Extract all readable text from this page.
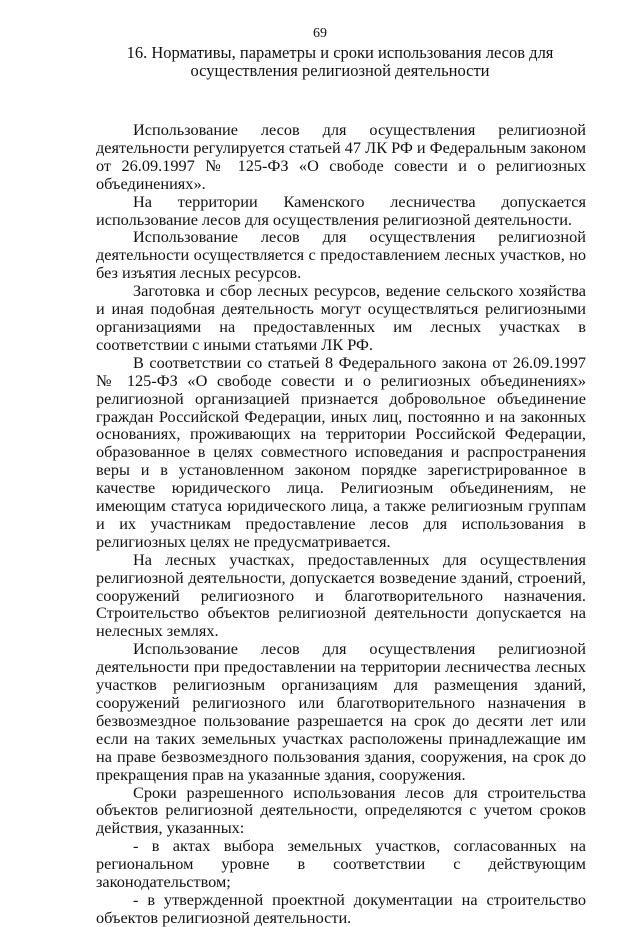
69
16. Нормативы, параметры и сроки использования лесов для
осуществления религиозной деятельности

Использование лесов для осуществления религиозной деятельности регулируется статьей 47 ЛК РФ и Федеральным законом от 26.09.1997 № 125-ФЗ «О свободе совести и о религиозных объединениях».

На территории Каменского лесничества допускается использование лесов для осуществления религиозной деятельности.

Использование лесов для осуществления религиозной деятельности осуществляется с предоставлением лесных участков, но без изъятия лесных ресурсов.

Заготовка и сбор лесных ресурсов, ведение сельского хозяйства и иная подобная деятельность могут осуществляться религиозными организациями на предоставленных им лесных участках в соответствии с иными статьями ЛК РФ.

В соответствии со статьей 8 Федерального закона от 26.09.1997 № 125-ФЗ «О свободе совести и о религиозных объединениях» религиозной организацией признается добровольное объединение граждан Российской Федерации, иных лиц, постоянно и на законных основаниях, проживающих на территории Российской Федерации, образованное в целях совместного исповедания и распространения веры и в установленном законом порядке зарегистрированное в качестве юридического лица. Религиозным объединениям, не имеющим статуса юридического лица, а также религиозным группам и их участникам предоставление лесов для использования в религиозных целях не предусматривается.

На лесных участках, предоставленных для осуществления религиозной деятельности, допускается возведение зданий, строений, сооружений религиозного и благотворительного назначения. Строительство объектов религиозной деятельности допускается на нелесных землях.

Использование лесов для осуществления религиозной деятельности при предоставлении на территории лесничества лесных участков религиозным организациям для размещения зданий, сооружений религиозного или благотворительного назначения в безвозмездное пользование разрешается на срок до десяти лет или если на таких земельных участках расположены принадлежащие им на праве безвозмездного пользования здания, сооружения, на срок до прекращения прав на указанные здания, сооружения.

Сроки разрешенного использования лесов для строительства объектов религиозной деятельности, определяются с учетом сроков действия, указанных:

- в актах выбора земельных участков, согласованных на региональном уровне в соответствии с действующим законодательством;

- в утвержденной проектной документации на строительство объектов религиозной деятельности.
